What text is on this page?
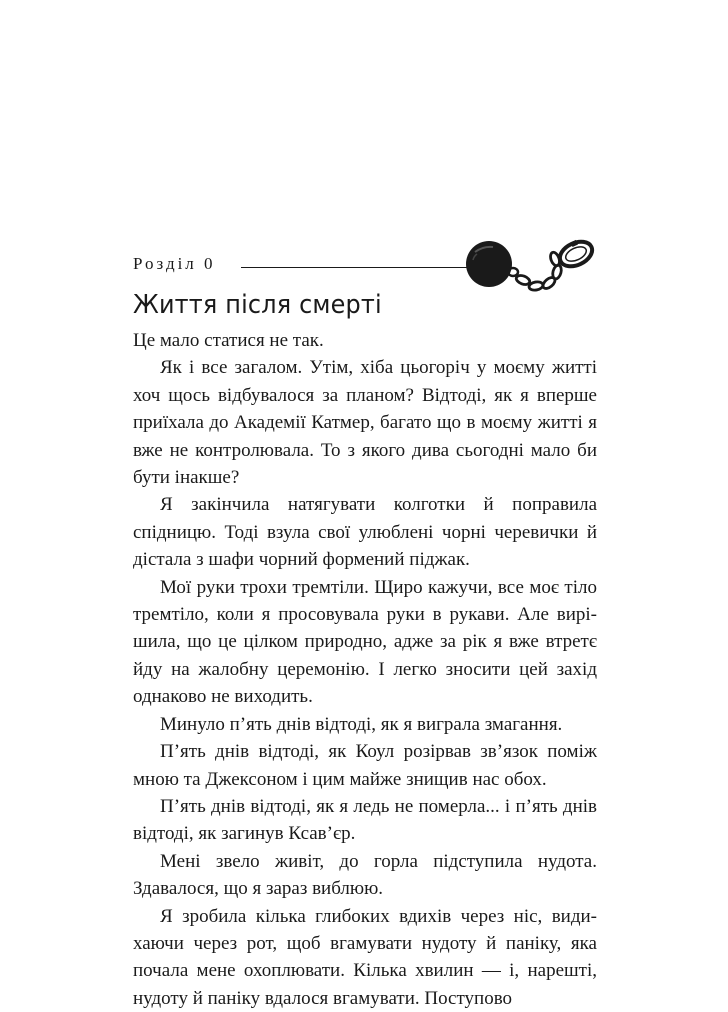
Розділ 0
Життя після смерті

Це мало статися не так.

Як і все загалом. Утім, хіба цьогоріч у моєму житті хоч щось відбувалося за планом? Відтоді, як я вперше приїхала до Академії Катмер, багато що в моєму житті я вже не контролювала. То з якого дива сьогодні мало би бути інакше?

Я закінчила натягувати колготки й поправила спідницю. Тоді взула свої улюблені чорні черевички й дістала з шафи чорний формений піджак.

Мої руки трохи тремтіли. Щиро кажучи, все моє тіло тремтіло, коли я просовувала руки в рукави. Але вирішила, що це цілком природно, адже за рік я вже втретє йду на жалобну церемонію. І легко зносити цей захід однаково не виходить.

Минуло п’ять днів відтоді, як я виграла змагання.

П’ять днів відтоді, як Коул розірвав зв’язок поміж мною та Джексоном і цим майже знищив нас обох.

П’ять днів відтоді, як я ледь не померла... і п’ять днів відтоді, як загинув Ксав’єр.

Мені звело живіт, до горла підступила нудота. Здавалося, що я зараз виблюю.

Я зробила кілька глибоких вдихів через ніс, видихаючи через рот, щоб вгамувати нудоту й паніку, яка почала мене охоплювати. Кілька хвилин — і, нарешті, нудоту й паніку вдалося вгамувати. Поступово
